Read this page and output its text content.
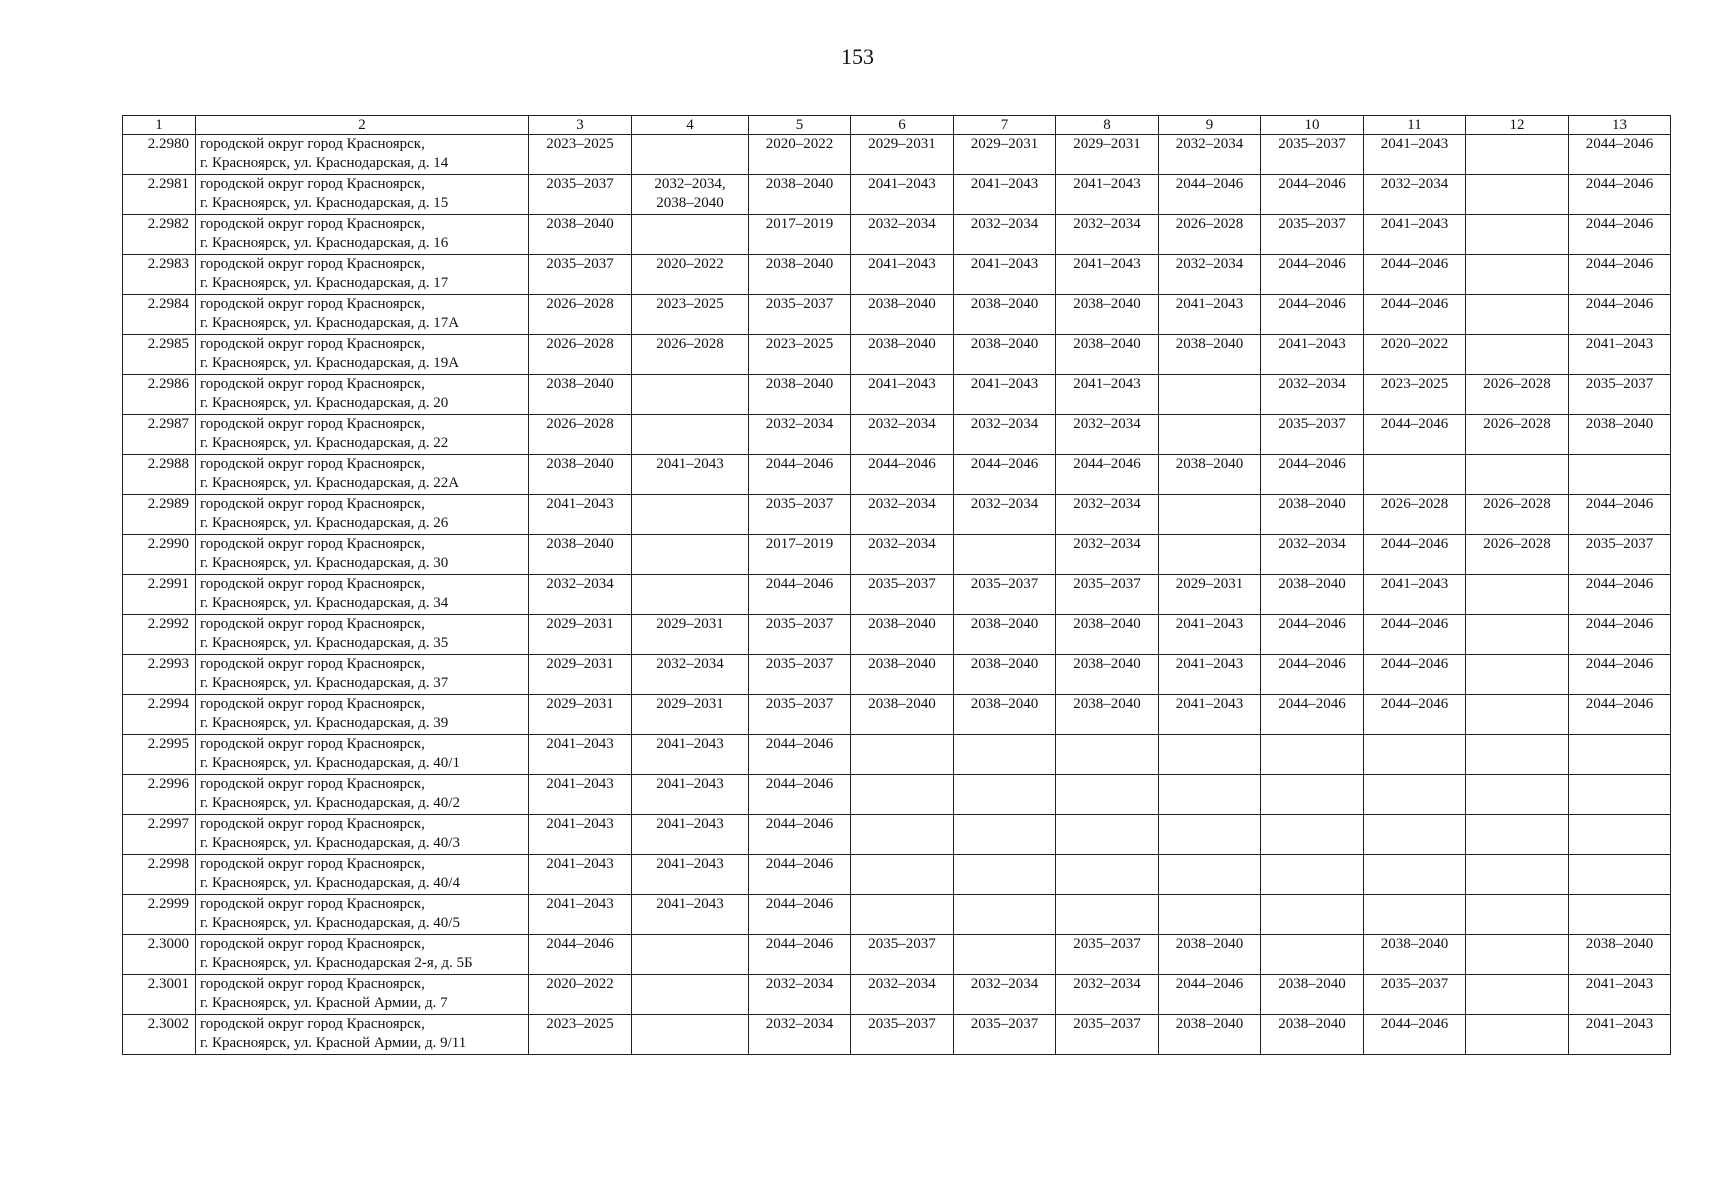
153
1	2	3	4	5	6	7	8	9	10	11	12	13
2.2980	городской округ город Красноярск,
г. Красноярск, ул. Краснодарская, д. 14	2023–2025		2020–2022	2029–2031	2029–2031	2029–2031	2032–2034	2035–2037	2041–2043		2044–2046
2.2981	городской округ город Красноярск,
г. Красноярск, ул. Краснодарская, д. 15	2035–2037	2032–2034,
2038–2040	2038–2040	2041–2043	2041–2043	2041–2043	2044–2046	2044–2046	2032–2034		2044–2046
2.2982	городской округ город Красноярск,
г. Красноярск, ул. Краснодарская, д. 16	2038–2040		2017–2019	2032–2034	2032–2034	2032–2034	2026–2028	2035–2037	2041–2043		2044–2046
2.2983	городской округ город Красноярск,
г. Красноярск, ул. Краснодарская, д. 17	2035–2037	2020–2022	2038–2040	2041–2043	2041–2043	2041–2043	2032–2034	2044–2046	2044–2046		2044–2046
2.2984	городской округ город Красноярск,
г. Красноярск, ул. Краснодарская, д. 17А	2026–2028	2023–2025	2035–2037	2038–2040	2038–2040	2038–2040	2041–2043	2044–2046	2044–2046		2044–2046
2.2985	городской округ город Красноярск,
г. Красноярск, ул. Краснодарская, д. 19А	2026–2028	2026–2028	2023–2025	2038–2040	2038–2040	2038–2040	2038–2040	2041–2043	2020–2022		2041–2043
2.2986	городской округ город Красноярск,
г. Красноярск, ул. Краснодарская, д. 20	2038–2040		2038–2040	2041–2043	2041–2043	2041–2043		2032–2034	2023–2025	2026–2028	2035–2037
2.2987	городской округ город Красноярск,
г. Красноярск, ул. Краснодарская, д. 22	2026–2028		2032–2034	2032–2034	2032–2034	2032–2034		2035–2037	2044–2046	2026–2028	2038–2040
2.2988	городской округ город Красноярск,
г. Красноярск, ул. Краснодарская, д. 22А	2038–2040	2041–2043	2044–2046	2044–2046	2044–2046	2044–2046	2038–2040	2044–2046			
2.2989	городской округ город Красноярск,
г. Красноярск, ул. Краснодарская, д. 26	2041–2043		2035–2037	2032–2034	2032–2034	2032–2034		2038–2040	2026–2028	2026–2028	2044–2046
2.2990	городской округ город Красноярск,
г. Красноярск, ул. Краснодарская, д. 30	2038–2040		2017–2019	2032–2034		2032–2034		2032–2034	2044–2046	2026–2028	2035–2037
2.2991	городской округ город Красноярск,
г. Красноярск, ул. Краснодарская, д. 34	2032–2034		2044–2046	2035–2037	2035–2037	2035–2037	2029–2031	2038–2040	2041–2043		2044–2046
2.2992	городской округ город Красноярск,
г. Красноярск, ул. Краснодарская, д. 35	2029–2031	2029–2031	2035–2037	2038–2040	2038–2040	2038–2040	2041–2043	2044–2046	2044–2046		2044–2046
2.2993	городской округ город Красноярск,
г. Красноярск, ул. Краснодарская, д. 37	2029–2031	2032–2034	2035–2037	2038–2040	2038–2040	2038–2040	2041–2043	2044–2046	2044–2046		2044–2046
2.2994	городской округ город Красноярск,
г. Красноярск, ул. Краснодарская, д. 39	2029–2031	2029–2031	2035–2037	2038–2040	2038–2040	2038–2040	2041–2043	2044–2046	2044–2046		2044–2046
2.2995	городской округ город Красноярск,
г. Красноярск, ул. Краснодарская, д. 40/1	2041–2043	2041–2043	2044–2046								
2.2996	городской округ город Красноярск,
г. Красноярск, ул. Краснодарская, д. 40/2	2041–2043	2041–2043	2044–2046								
2.2997	городской округ город Красноярск,
г. Красноярск, ул. Краснодарская, д. 40/3	2041–2043	2041–2043	2044–2046								
2.2998	городской округ город Красноярск,
г. Красноярск, ул. Краснодарская, д. 40/4	2041–2043	2041–2043	2044–2046								
2.2999	городской округ город Красноярск,
г. Красноярск, ул. Краснодарская, д. 40/5	2041–2043	2041–2043	2044–2046								
2.3000	городской округ город Красноярск,
г. Красноярск, ул. Краснодарская 2-я, д. 5Б	2044–2046		2044–2046	2035–2037		2035–2037	2038–2040		2038–2040		2038–2040
2.3001	городской округ город Красноярск,
г. Красноярск, ул. Красной Армии, д. 7	2020–2022		2032–2034	2032–2034	2032–2034	2032–2034	2044–2046	2038–2040	2035–2037		2041–2043
2.3002	городской округ город Красноярск,
г. Красноярск, ул. Красной Армии, д. 9/11	2023–2025		2032–2034	2035–2037	2035–2037	2035–2037	2038–2040	2038–2040	2044–2046		2041–2043
